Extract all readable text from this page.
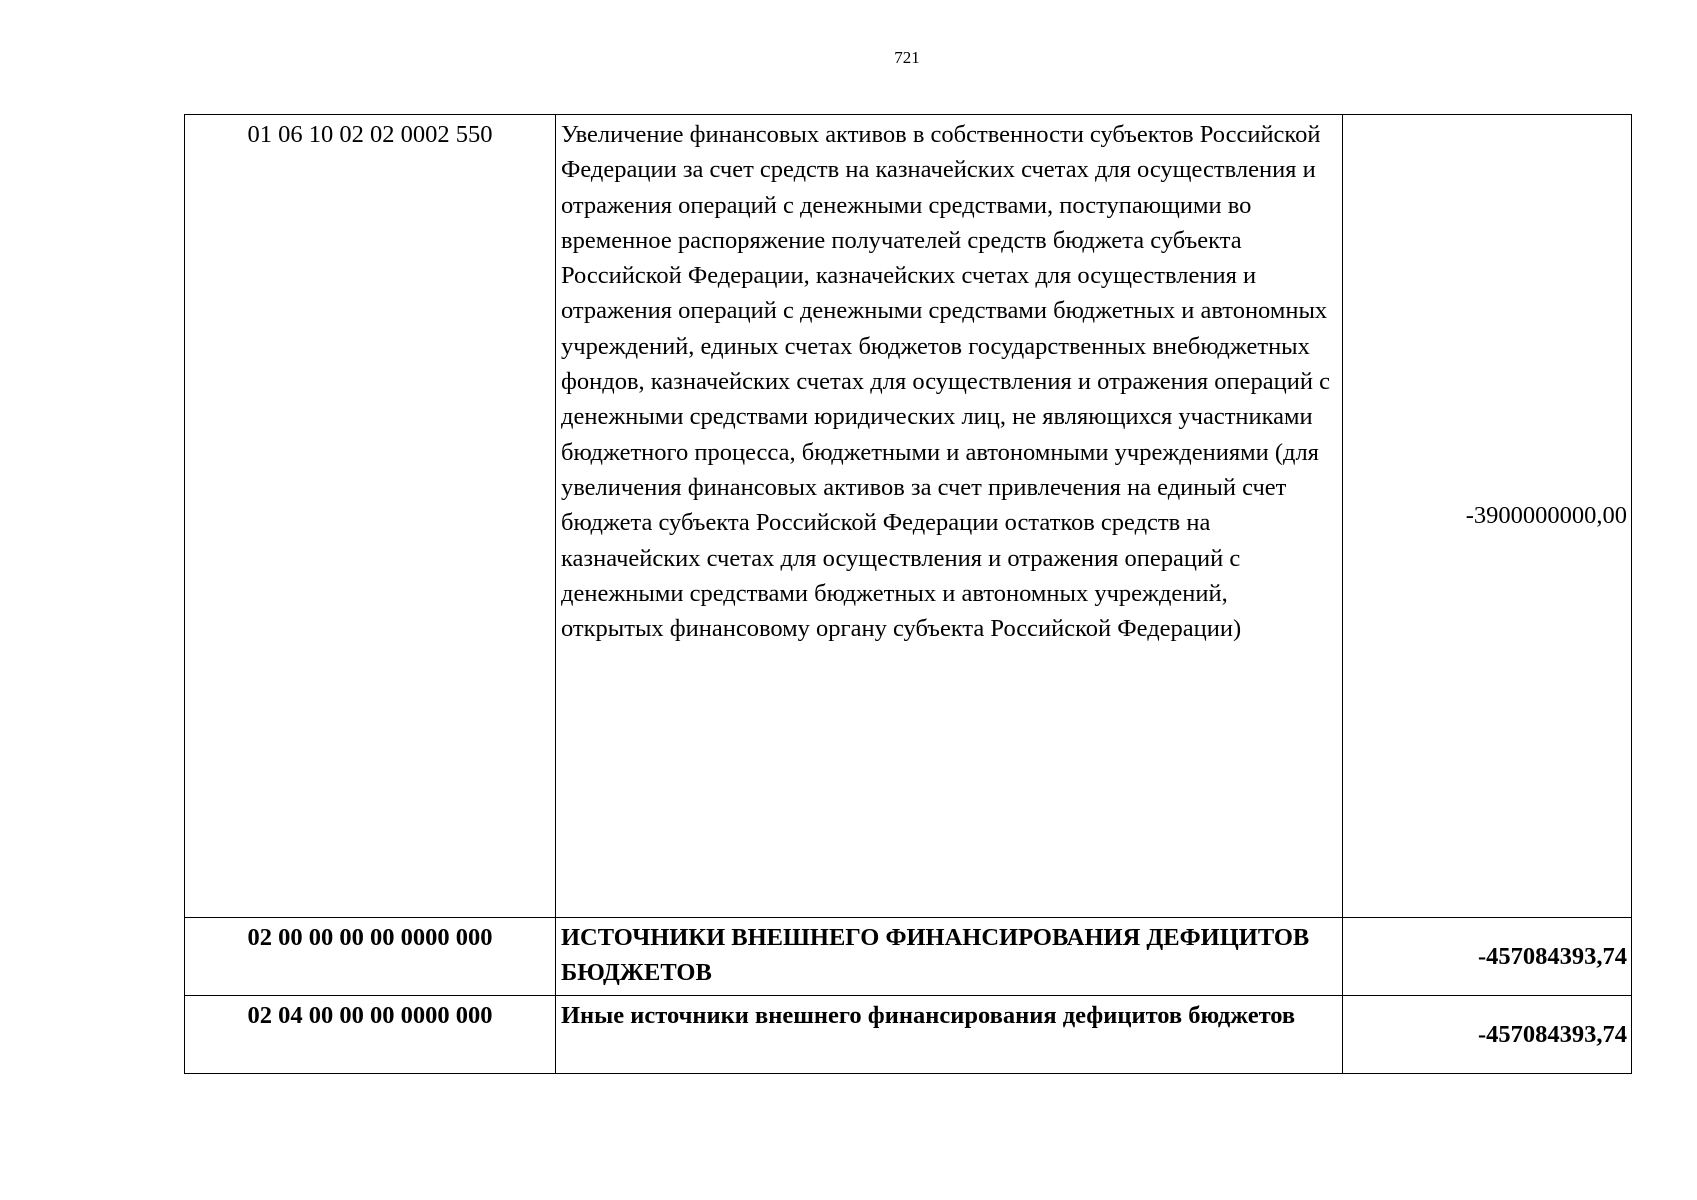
721
01 06 10 02 02 0002 550	Увеличение финансовых активов в собственности субъектов Российской Федерации за счет средств на казначейских счетах для осуществления и отражения операций с денежными средствами, поступающими во временное распоряжение получателей средств бюджета субъекта Российской Федерации, казначейских счетах для осуществления и отражения операций с денежными средствами бюджетных и автономных учреждений, единых счетах бюджетов государственных внебюджетных фондов, казначейских счетах для осуществления и отражения операций с денежными средствами юридических лиц, не являющихся участниками бюджетного процесса, бюджетными и автономными учреждениями (для увеличения финансовых активов за счет привлечения на единый счет бюджета субъекта Российской Федерации остатков средств на казначейских счетах для осуществления и отражения операций с денежными средствами бюджетных и автономных учреждений, открытых финансовому органу субъекта Российской Федерации)	-3900000000,00
02 00 00 00 00 0000 000	ИСТОЧНИКИ ВНЕШНЕГО ФИНАНСИРОВАНИЯ ДЕФИЦИТОВ БЮДЖЕТОВ	-457084393,74
02 04 00 00 00 0000 000	Иные источники внешнего финансирования дефицитов бюджетов	-457084393,74
